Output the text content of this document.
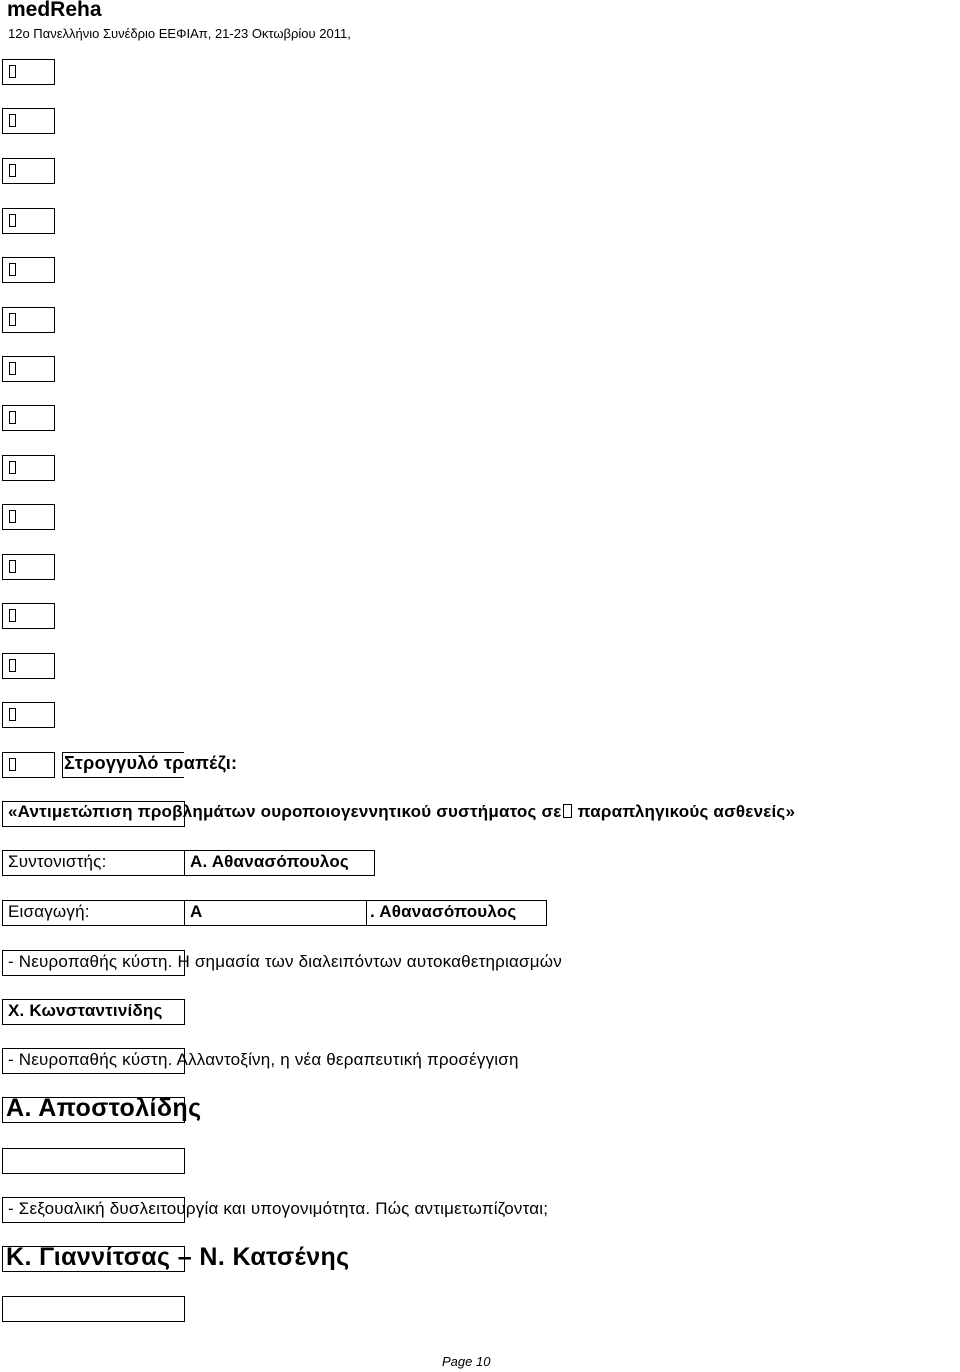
medReha
12ο Πανελλήνιο Συνέδριο ΕΕΦΙΑπ, 21-23 Οκτωβρίου 2011,
Στρογγυλό τραπέζι:
«Αντιμετώπιση προβλημάτων ουροποιογεννητικού συστήματος σε παραπληγικούς ασθενείς»
Συντονιστής:	Α. Αθανασόπουλος
Εισαγωγή:	Α	. Αθανασόπουλος
- Νευροπαθής κύστη. Η σημασία των διαλειπόντων αυτοκαθετηριασμών
Χ. Κωνσταντινίδης
- Νευροπαθής κύστη. Αλλαντοξίνη, η νέα θεραπευτική προσέγγιση
Α. Αποστολίδης
- Σεξουαλική δυσλειτουργία και υπογονιμότητα. Πώς αντιμετωπίζονται;
Κ. Γιαννίτσας – Ν. Κατσένης
Page 10
